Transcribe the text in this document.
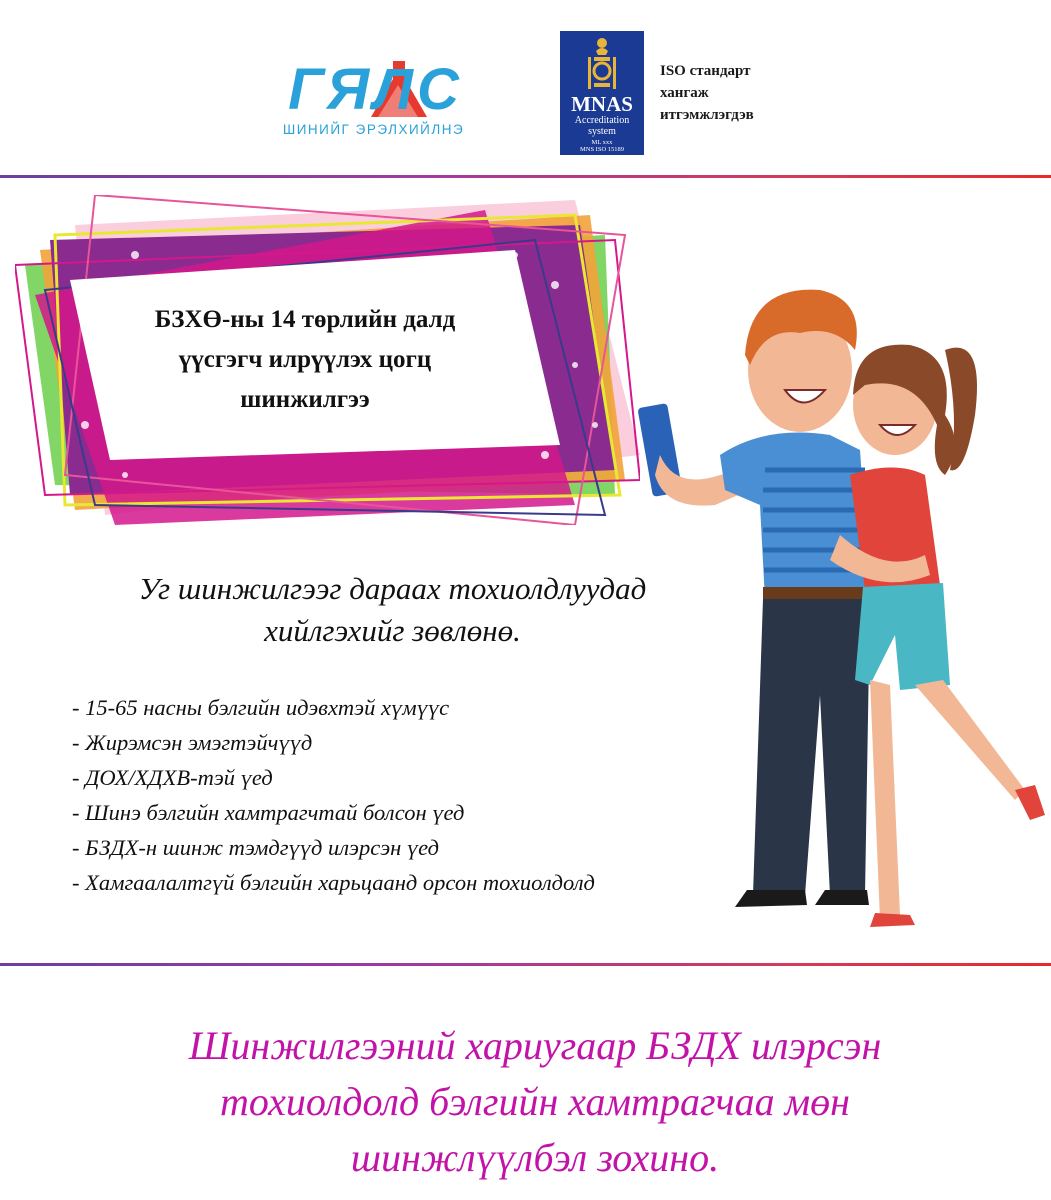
ГЯЛС
ШИНИЙГ ЭРЭЛХИЙЛНЭ
MNAS
Accreditation
system
ML xxx
MNS ISO 15189
ISO стандарт
хангаж
итгэмжлэгдэв
БЗХӨ-ны 14 төрлийн далд
үүсгэгч илрүүлэх цогц
шинжилгээ
Уг шинжилгээг дараах тохиолдлуудад
хийлгэхийг зөвлөнө.
- 15-65 насны бэлгийн идэвхтэй хүмүүс
- Жирэмсэн эмэгтэйчүүд
- ДОХ/ХДХВ-тэй үед
- Шинэ бэлгийн хамтрагчтай болсон үед
- БЗДХ-н шинж тэмдгүүд илэрсэн үед
- Хамгаалалтгүй бэлгийн харьцаанд орсон тохиолдолд
Шинжилгээний хариугаар БЗДХ илэрсэн
тохиолдолд бэлгийн хамтрагчаа мөн
шинжлүүлбэл зохино.
